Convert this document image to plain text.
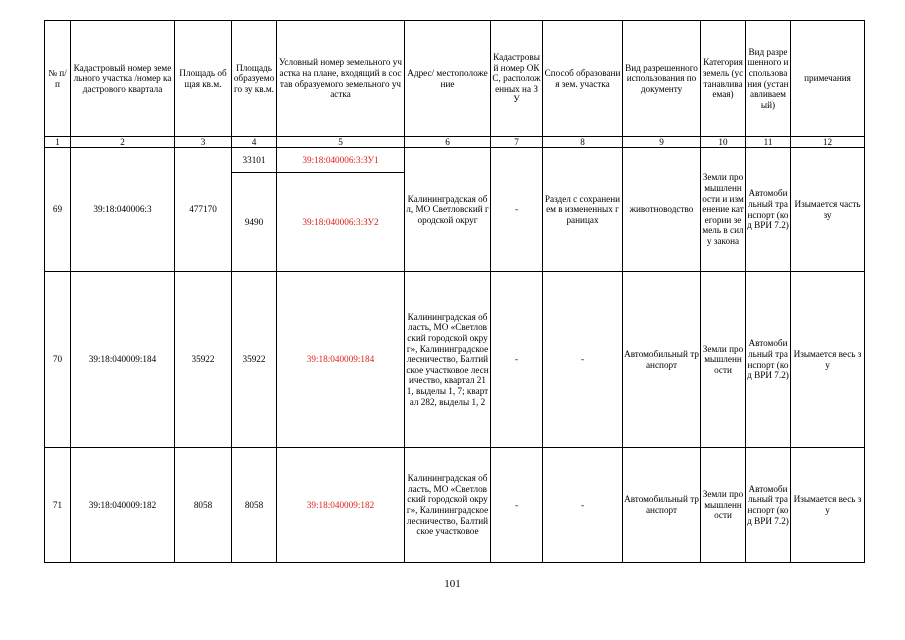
№ п/п	Кадастровый номер земельного участка /номер кадастрового квартала	Площадь общая кв.м.	Площадь образуемого зу кв.м.	Условный номер земельного участка на плане, входящий в состав образуемого земельного участка	Адрес/ местоположение	Кадастровый номер ОКС, расположенных на ЗУ	Способ образования зем. участка	Вид разрешенного использования по документу	Категория земель (устанавливаемая)	Вид разрешенного использования (устанавливаемый)	примечания
1	2	3	4	5	6	7	8	9	10	11	12
69	39:18:040006:3	477170	33101	39:18:040006:3:ЗУ1	Калининградская обл, МО Светловский городской округ	-	Раздел с сохранением в измененных границах	животноводство	Земли промышленности и изменение категории земель в силу закона	Автомобильный транспорт (код ВРИ 7.2)	Изымается часть зу
			9490	39:18:040006:3:ЗУ2							
70	39:18:040009:184	35922	35922	39:18:040009:184	Калининградская область, МО «Светловский городской округ», Калининградское лесничество, Балтийское участковое лесничество, квартал 211, выделы 1, 7; квартал 282, выделы 1, 2	-	-	Автомобильный транспорт	Земли промышленности	Автомобильный транспорт (код ВРИ 7.2)	Изымается весь зу
71	39:18:040009:182	8058	8058	39:18:040009:182	Калининградская область, МО «Светловский городской округ», Калининградское лесничество, Балтийское участковое	-	-	Автомобильный транспорт	Земли промышленности	Автомобильный транспорт (код ВРИ 7.2)	Изымается весь зу
101
